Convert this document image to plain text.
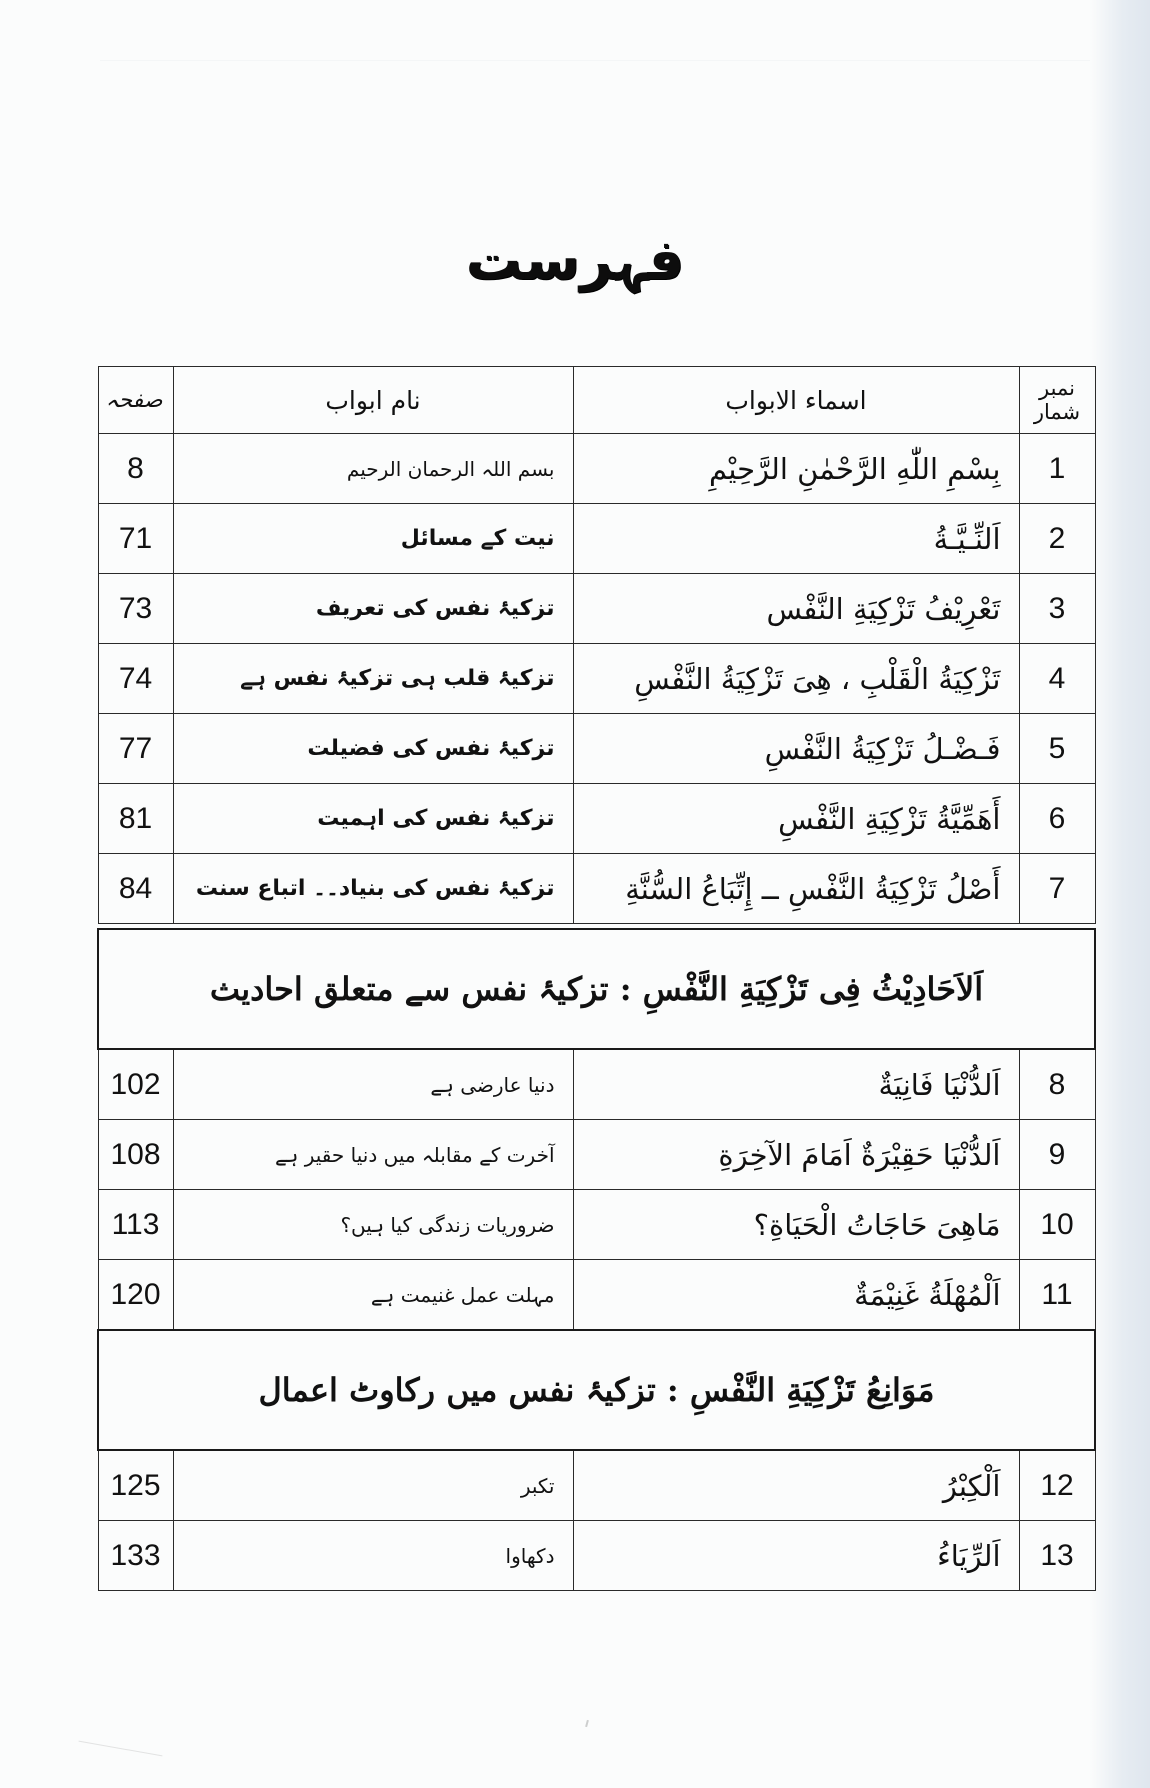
فہرست
نمبر شمار	اسماء الابواب	نام ابواب	صفحہ
1	بِسْمِ اللّٰهِ الرَّحْمٰنِ الرَّحِيْمِ	بسم اللہ الرحمان الرحیم	8
2	اَلنِّـيَّـةُ	نیت کے مسائل	71
3	تَعْرِيْفُ تَزْكِيَةِ النَّفْس	تزکیۂ نفس کی تعریف	73
4	تَزْكِيَةُ الْقَلْبِ ، هِىَ تَزْكِيَةُ النَّفْسِ	تزکیۂ قلب ہی تزکیۂ نفس ہے	74
5	فَـضْـلُ تَزْكِيَةُ النَّفْسِ	تزکیۂ نفس کی فضیلت	77
6	أَهَمِّيَّةُ تَزْكِيَةِ النَّفْسِ	تزکیۂ نفس کی اہمیت	81
7	أَصْلُ تَزْكِيَةُ النَّفْسِ ــ إِتِّبَاعُ السُّنَّةِ	تزکیۂ نفس کی بنیاد۔۔ اتباع سنت	84

اَلاَحَادِيْثُ فِى تَزْكِيَةِ النَّفْسِ : تزکیۂ نفس سے متعلق احادیث			
8	اَلدُّنْيَا فَانِيَةٌ	دنیا عارضی ہے	102
9	اَلدُّنْيَا حَقِيْرَةٌ اَمَامَ الآخِرَةِ	آخرت کے مقابلہ میں دنیا حقیر ہے	108
10	مَاهِىَ حَاجَاتُ الْحَيَاةِ؟	ضروریات زندگی کیا ہیں؟	113
11	اَلْمُهْلَةُ غَنِيْمَةٌ	مہلت عمل غنیمت ہے	120
مَوَانِعُ تَزْكِيَةِ النَّفْسِ : تزکیۂ نفس میں رکاوٹ اعمال			
12	اَلْكِبْرُ	تکبر	125
13	اَلرِّيَاءُ	دکھاوا	133
